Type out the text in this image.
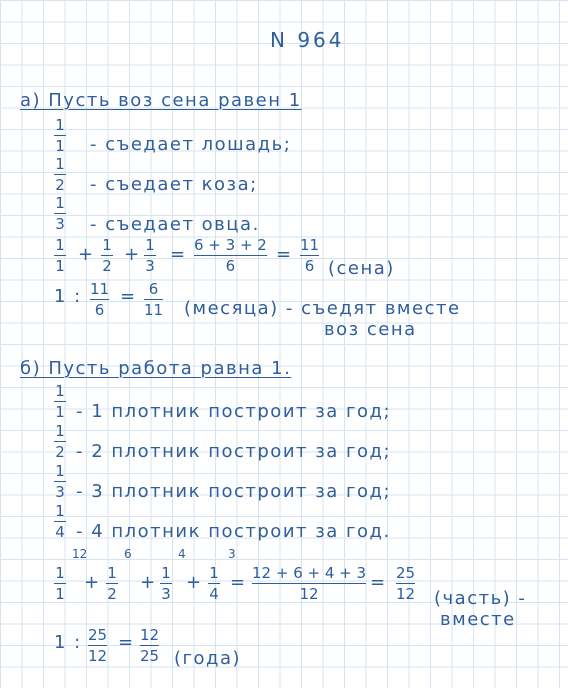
N 964
а) Пусть воз сена равен 1
1
1 - съедает лошадь;
1
2 - съедает коза;
1
3 - съедает овца.
1
1
+ 1
2
+ 1
3
= 6 + 3 + 2
6
= 11
6 (сена)
1 : 11
6
= 6
11 (месяца) - съедят вместе
воз сена
б) Пусть работа равна 1.
1
1 - 1 плотник построит за год;
1
2 - 2 плотник построит за год;
1
3 - 3 плотник построит за год;
1
4 - 4 плотник построит за год.
12
1
1
+
6
1
2
+
4
1
3
+
3
1
4
= 12 + 6 + 4 + 3
12
= 25
12 (часть) -
вместе
1 : 25
12
= 12
25 (года)
